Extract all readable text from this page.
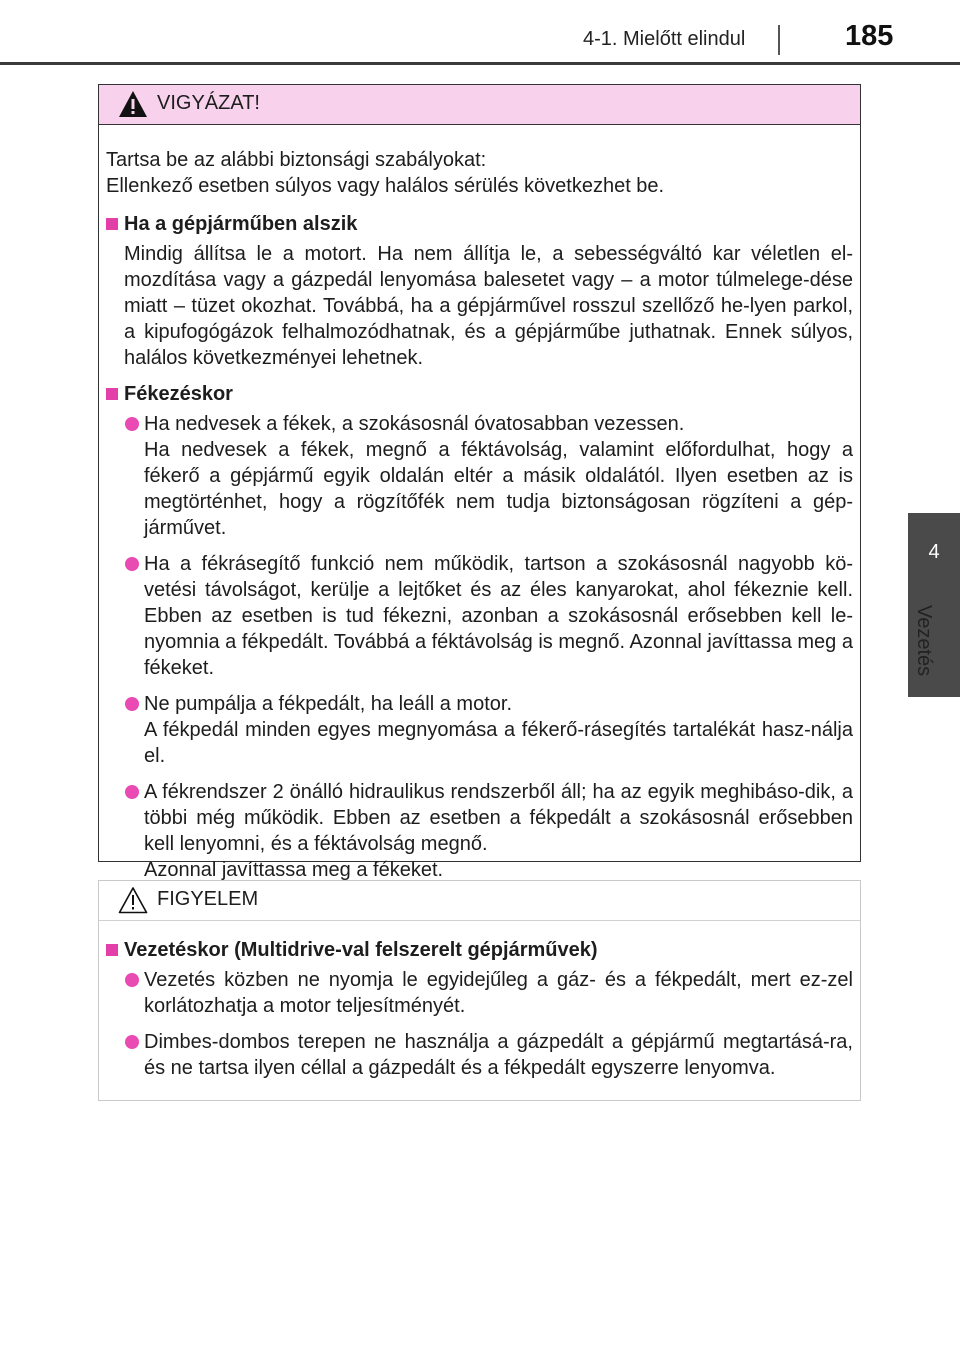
4-1. Mielőtt elindul	185
4
Vezetés
VIGYÁZAT!

Tartsa be az alábbi biztonsági szabályokat:

Ellenkező esetben súlyos vagy halálos sérülés következhet be.

Ha a gépjárműben alszik

Mindig állítsa le a motort. Ha nem állítja le, a sebességváltó kar véletlen el-mozdítása vagy a gázpedál lenyomása balesetet vagy – a motor túlmelege-dése miatt – tüzet okozhat. Továbbá, ha a gépjárművel rosszul szellőző he-lyen parkol, a kipufogógázok felhalmozódhatnak, és a gépjárműbe juthatnak. Ennek súlyos, halálos következményei lehetnek.

Fékezéskor

Ha nedvesek a fékek, a szokásosnál óvatosabban vezessen.

Ha nedvesek a fékek, megnő a féktávolság, valamint előfordulhat, hogy a fékerő a gépjármű egyik oldalán eltér a másik oldalától. Ilyen esetben az is megtörténhet, hogy a rögzítőfék nem tudja biztonságosan rögzíteni a gép-járművet.

Ha a fékrásegítő funkció nem működik, tartson a szokásosnál nagyobb kö-vetési távolságot, kerülje a lejtőket és az éles kanyarokat, ahol fékeznie kell. Ebben az esetben is tud fékezni, azonban a szokásosnál erősebben kell le-nyomnia a fékpedált. Továbbá a féktávolság is megnő. Azonnal javíttassa meg a fékeket.

Ne pumpálja a fékpedált, ha leáll a motor.

A fékpedál minden egyes megnyomása a fékerő-rásegítés tartalékát hasz-nálja el.

A fékrendszer 2 önálló hidraulikus rendszerből áll; ha az egyik meghibáso-dik, a többi még működik. Ebben az esetben a fékpedált a szokásosnál erősebben kell lenyomni, és a féktávolság megnő.

Azonnal javíttassa meg a fékeket.

FIGYELEM
Vezetéskor (Multidrive-val felszerelt gépjárművek)

Vezetés közben ne nyomja le egyidejűleg a gáz- és a fékpedált, mert ez-zel korlátozhatja a motor teljesítményét.

Dimbes-dombos terepen ne használja a gázpedált a gépjármű megtartásá-ra, és ne tartsa ilyen céllal a gázpedált és a fékpedált egyszerre lenyomva.
